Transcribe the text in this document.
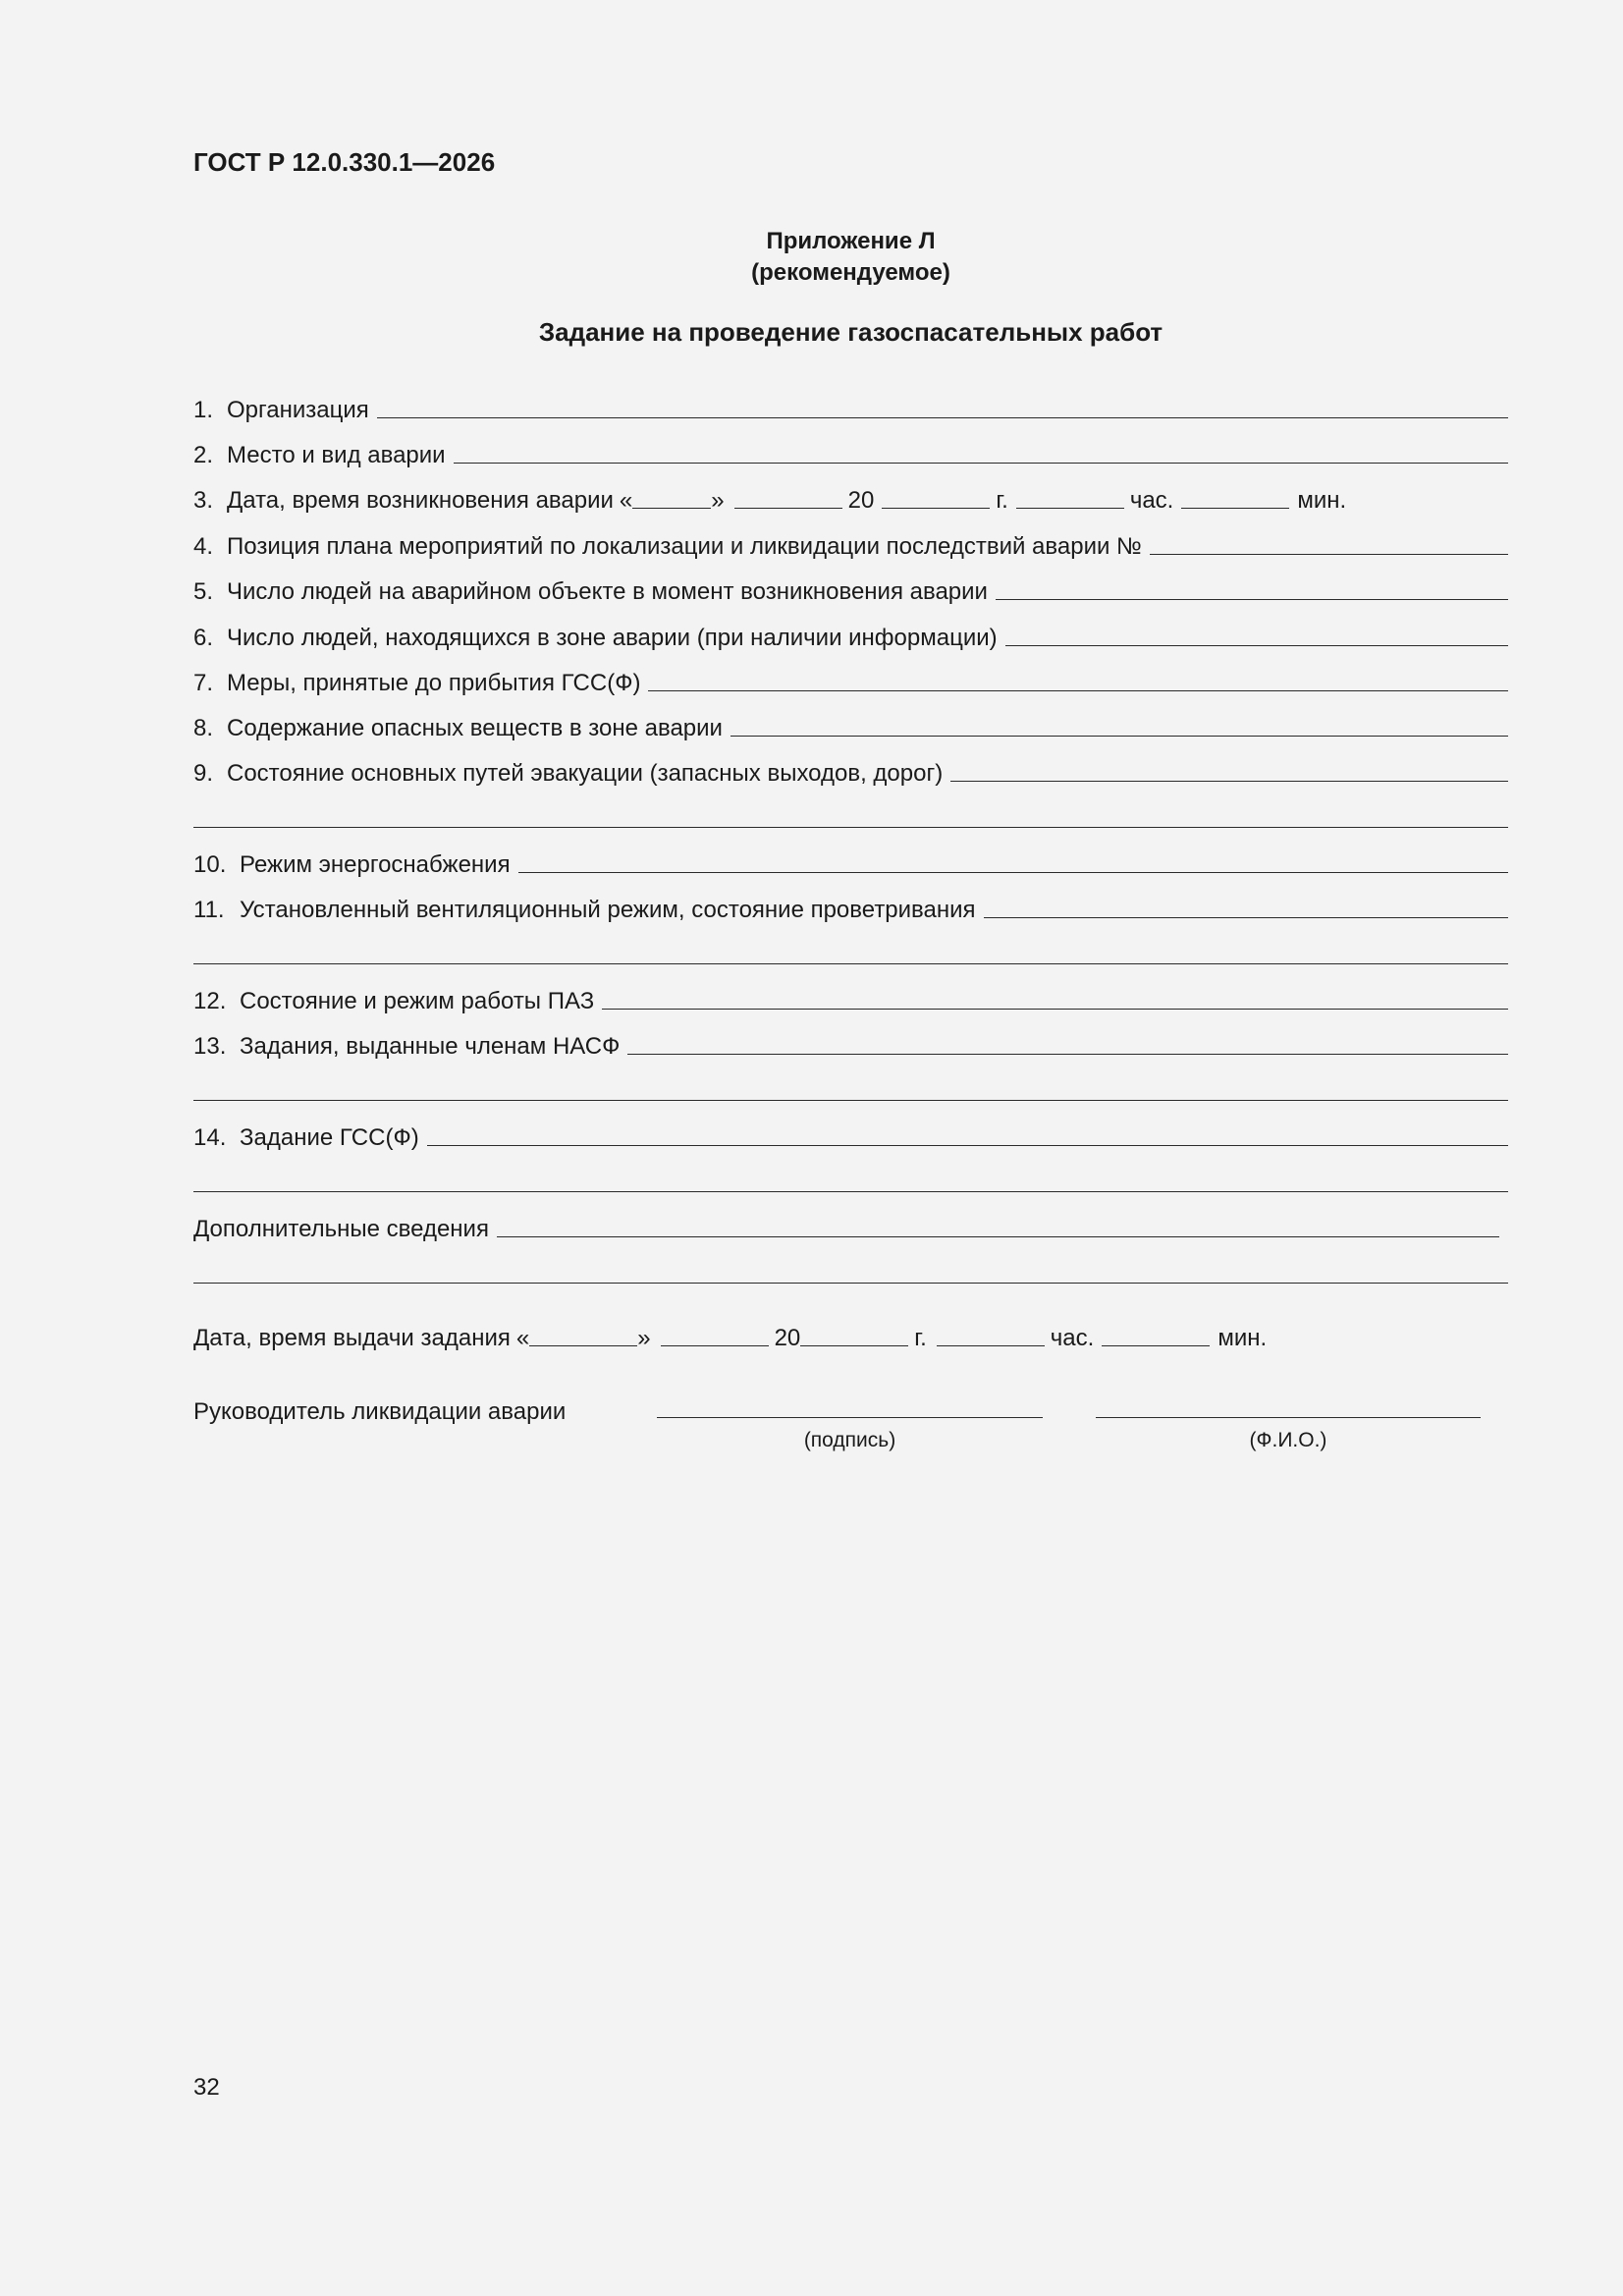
ГОСТ Р 12.0.330.1—2026
Приложение Л
(рекомендуемое)
Задание на проведение газоспасательных работ
1. Организация
2. Место и вид аварии
3. Дата, время возникновения аварии «	»	20	г.	час.	мин.
4. Позиция плана мероприятий по локализации и ликвидации последствий аварии №
5. Число людей на аварийном объекте в момент возникновения аварии
6. Число людей, находящихся в зоне аварии (при наличии информации)
7. Меры, принятые до прибытия ГСС(Ф)
8. Содержание опасных веществ в зоне аварии
9. Состояние основных путей эвакуации (запасных выходов, дорог)
10. Режим энергоснабжения
11. Установленный вентиляционный режим, состояние проветривания
12. Состояние и режим работы ПАЗ
13. Задания, выданные членам НАСФ
14. Задание ГСС(Ф)
Дополнительные сведения
Дата, время выдачи задания «	»	20	г.	час.	мин.
Руководитель ликвидации аварии
(подпись)	(Ф.И.О.)
32
